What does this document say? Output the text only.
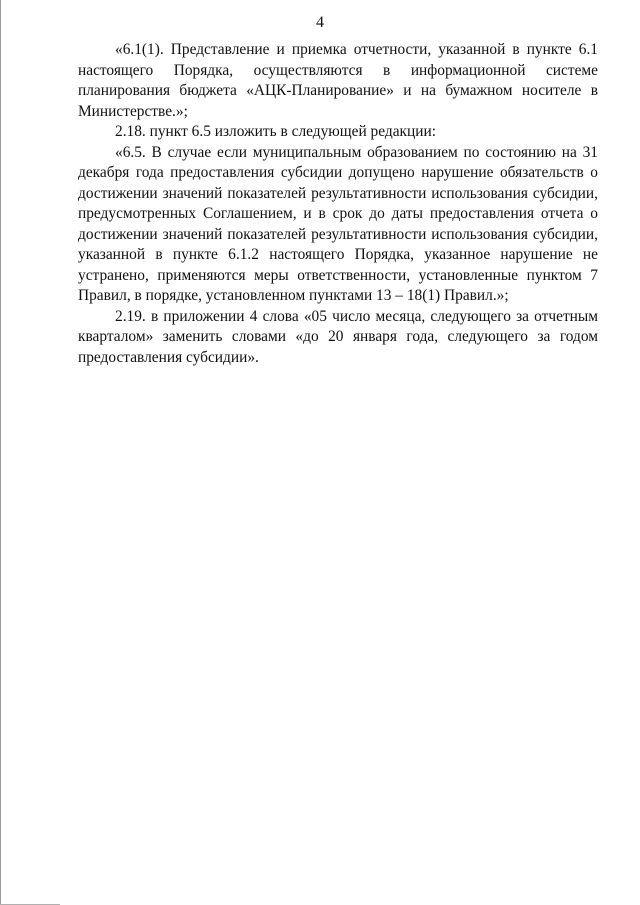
4

«6.1(1). Представление и приемка отчетности, указанной в пункте 6.1 настоящего Порядка, осуществляются в информационной системе планирования бюджета «АЦК-Планирование» и на бумажном носителе в Министерстве.»;

2.18. пункт 6.5 изложить в следующей редакции:

«6.5. В случае если муниципальным образованием по состоянию на 31 декабря года предоставления субсидии допущено нарушение обязательств о достижении значений показателей результативности использования субсидии, предусмотренных Соглашением, и в срок до даты предоставления отчета о достижении значений показателей результативности использования субсидии, указанной в пункте 6.1.2 настоящего Порядка, указанное нарушение не устранено, применяются меры ответственности, установленные пунктом 7 Правил, в порядке, установленном пунктами 13 – 18(1) Правил.»;

2.19. в приложении 4 слова «05 число месяца, следующего за отчетным кварталом» заменить словами «до 20 января года, следующего за годом предоставления субсидии».
